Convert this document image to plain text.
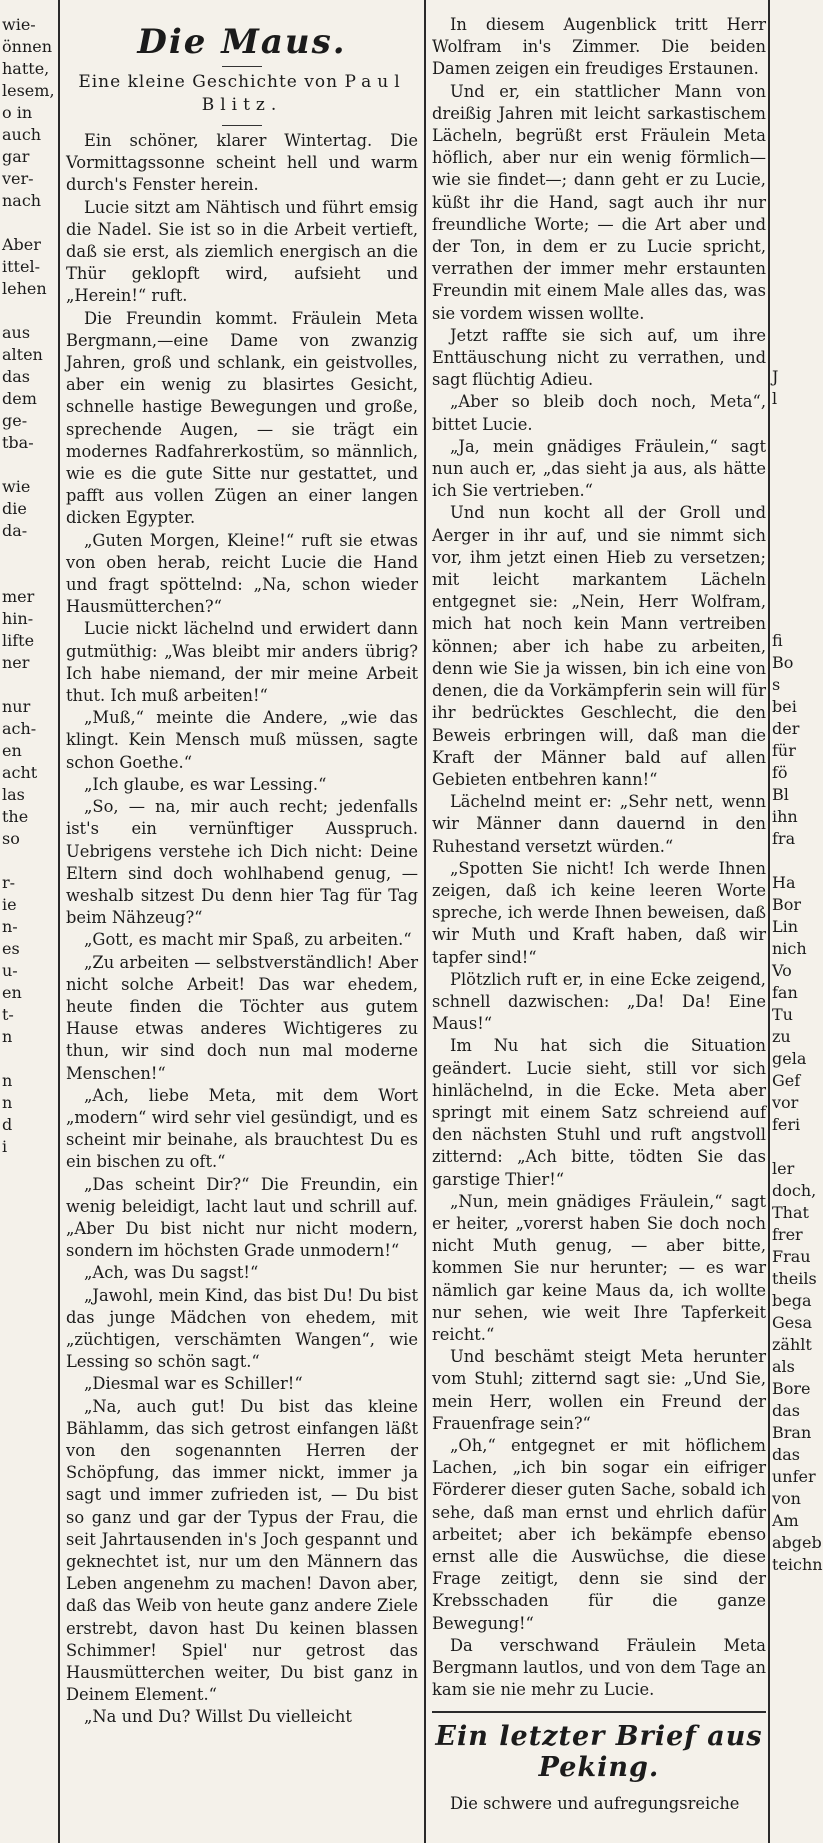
wie-
önnen
hatte,
lesem,
o in
auch
gar
ver-
nach

Aber
ittel-
lehen

aus
alten
das
dem
ge-
tba-

wie
die
da-

mer
hin-
lifte
ner

nur
ach-
en
acht
las
the
so

r-
ie
n-
es
u-
en
t-
n

n
n
d
i

Die Maus.
Eine kleine Geschichte von Paul Blitz.

Ein schöner, klarer Wintertag. Die Vormittagssonne scheint hell und warm durch's Fenster herein.

Lucie sitzt am Nähtisch und führt emsig die Nadel. Sie ist so in die Arbeit vertieft, daß sie erst, als ziemlich energisch an die Thür geklopft wird, aufsieht und „Herein!“ ruft.

Die Freundin kommt. Fräulein Meta Bergmann,—eine Dame von zwanzig Jahren, groß und schlank, ein geistvolles, aber ein wenig zu blasirtes Gesicht, schnelle hastige Bewegungen und große, sprechende Augen, — sie trägt ein modernes Radfahrerkostüm, so männlich, wie es die gute Sitte nur gestattet, und pafft aus vollen Zügen an einer langen dicken Egypter.

„Guten Morgen, Kleine!“ ruft sie etwas von oben herab, reicht Lucie die Hand und fragt spöttelnd: „Na, schon wieder Hausmütterchen?“

Lucie nickt lächelnd und erwidert dann gutmüthig: „Was bleibt mir anders übrig? Ich habe niemand, der mir meine Arbeit thut. Ich muß arbeiten!“

„Muß,“ meinte die Andere, „wie das klingt. Kein Mensch muß müssen, sagte schon Goethe.“

„Ich glaube, es war Lessing.“

„So, — na, mir auch recht; jedenfalls ist's ein vernünftiger Ausspruch. Uebrigens verstehe ich Dich nicht: Deine Eltern sind doch wohlhabend genug, — weshalb sitzest Du denn hier Tag für Tag beim Nähzeug?“

„Gott, es macht mir Spaß, zu arbeiten.“

„Zu arbeiten — selbstverständlich! Aber nicht solche Arbeit! Das war ehedem, heute finden die Töchter aus gutem Hause etwas anderes Wichtigeres zu thun, wir sind doch nun mal moderne Menschen!“

„Ach, liebe Meta, mit dem Wort „modern“ wird sehr viel gesündigt, und es scheint mir beinahe, als brauchtest Du es ein bischen zu oft.“

„Das scheint Dir?“ Die Freundin, ein wenig beleidigt, lacht laut und schrill auf. „Aber Du bist nicht nur nicht modern, sondern im höchsten Grade unmodern!“

„Ach, was Du sagst!“

„Jawohl, mein Kind, das bist Du! Du bist das junge Mädchen von ehedem, mit „züchtigen, verschämten Wangen“, wie Lessing so schön sagt.“

„Diesmal war es Schiller!“

„Na, auch gut! Du bist das kleine Bählamm, das sich getrost einfangen läßt von den sogenannten Herren der Schöpfung, das immer nickt, immer ja sagt und immer zufrieden ist, — Du bist so ganz und gar der Typus der Frau, die seit Jahrtausenden in's Joch gespannt und geknechtet ist, nur um den Männern das Leben angenehm zu machen! Davon aber, daß das Weib von heute ganz andere Ziele erstrebt, davon hast Du keinen blassen Schimmer! Spiel' nur getrost das Hausmütterchen weiter, Du bist ganz in Deinem Element.“

„Na und Du? Willst Du vielleicht

In diesem Augenblick tritt Herr Wolfram in's Zimmer. Die beiden Damen zeigen ein freudiges Erstaunen.

Und er, ein stattlicher Mann von dreißig Jahren mit leicht sarkastischem Lächeln, begrüßt erst Fräulein Meta höflich, aber nur ein wenig förmlich— wie sie findet—; dann geht er zu Lucie, küßt ihr die Hand, sagt auch ihr nur freundliche Worte; — die Art aber und der Ton, in dem er zu Lucie spricht, verrathen der immer mehr erstaunten Freundin mit einem Male alles das, was sie vordem wissen wollte.

Jetzt raffte sie sich auf, um ihre Enttäuschung nicht zu verrathen, und sagt flüchtig Adieu.

„Aber so bleib doch noch, Meta“, bittet Lucie.

„Ja, mein gnädiges Fräulein,“ sagt nun auch er, „das sieht ja aus, als hätte ich Sie vertrieben.“

Und nun kocht all der Groll und Aerger in ihr auf, und sie nimmt sich vor, ihm jetzt einen Hieb zu versetzen; mit leicht markantem Lächeln entgegnet sie: „Nein, Herr Wolfram, mich hat noch kein Mann vertreiben können; aber ich habe zu arbeiten, denn wie Sie ja wissen, bin ich eine von denen, die da Vorkämpferin sein will für ihr bedrücktes Geschlecht, die den Beweis erbringen will, daß man die Kraft der Männer bald auf allen Gebieten entbehren kann!“

Lächelnd meint er: „Sehr nett, wenn wir Männer dann dauernd in den Ruhestand versetzt würden.“

„Spotten Sie nicht! Ich werde Ihnen zeigen, daß ich keine leeren Worte spreche, ich werde Ihnen beweisen, daß wir Muth und Kraft haben, daß wir tapfer sind!“

Plötzlich ruft er, in eine Ecke zeigend, schnell dazwischen: „Da! Da! Eine Maus!“

Im Nu hat sich die Situation geändert. Lucie sieht, still vor sich hinlächelnd, in die Ecke. Meta aber springt mit einem Satz schreiend auf den nächsten Stuhl und ruft angstvoll zitternd: „Ach bitte, tödten Sie das garstige Thier!“

„Nun, mein gnädiges Fräulein,“ sagt er heiter, „vorerst haben Sie doch noch nicht Muth genug, — aber bitte, kommen Sie nur herunter; — es war nämlich gar keine Maus da, ich wollte nur sehen, wie weit Ihre Tapferkeit reicht.“

Und beschämt steigt Meta herunter vom Stuhl; zitternd sagt sie: „Und Sie, mein Herr, wollen ein Freund der Frauenfrage sein?“

„Oh,“ entgegnet er mit höflichem Lachen, „ich bin sogar ein eifriger Förderer dieser guten Sache, sobald ich sehe, daß man ernst und ehrlich dafür arbeitet; aber ich bekämpfe ebenso ernst alle die Auswüchse, die diese Frage zeitigt, denn sie sind der Krebsschaden für die ganze Bewegung!“

Da verschwand Fräulein Meta Bergmann lautlos, und von dem Tage an kam sie nie mehr zu Lucie.

Ein letzter Brief aus Peking.

Die schwere und aufregungsreiche

J
l

fi
Bo
s
bei
der
für
fö
Bl
ihn
fra

Ha
Bor
Lin
nich
Vo
fan
Tu
zu
gela
Gef
vor
feri

ler
doch,
That
frer
Frau
theils
bega
Gesa
zählt
als
Bore
das
Bran
das
unfer
von
Am
abgeb
teichn
